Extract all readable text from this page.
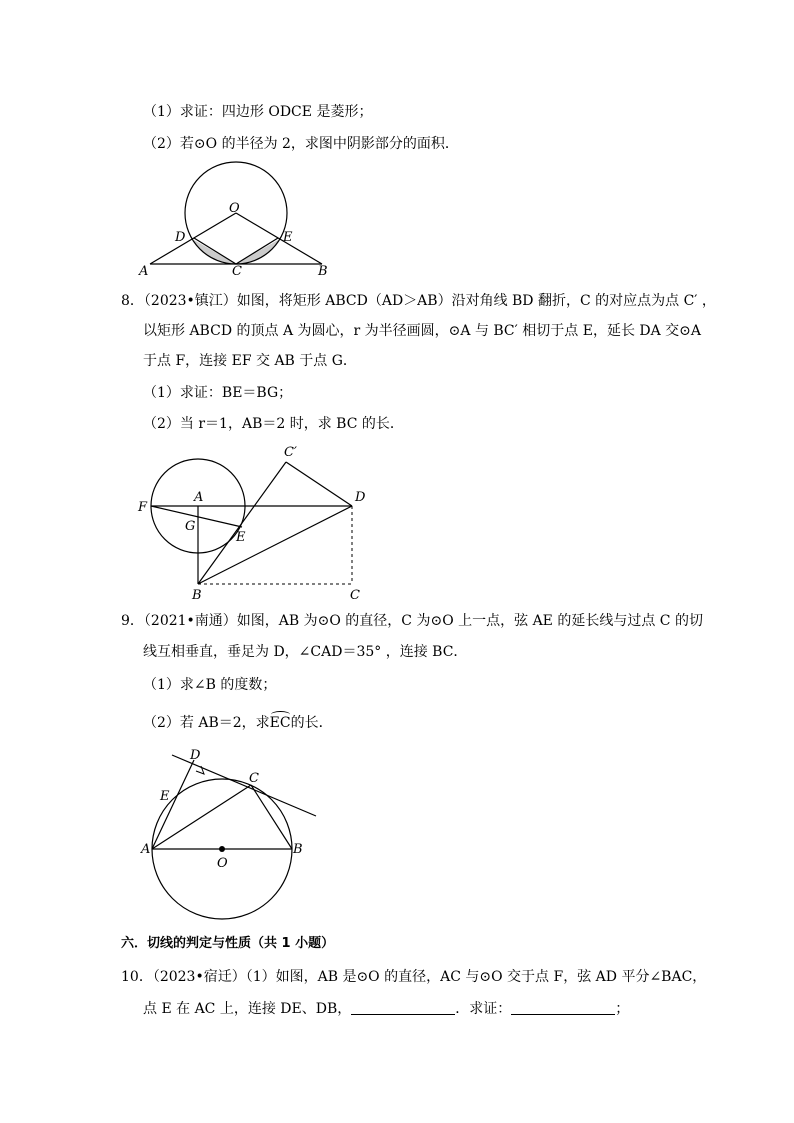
（1）求证：四边形 ODCE 是菱形；
（2）若⊙O 的半径为 2，求图中阴影部分的面积．
O
D	E
A	C	B
8．（2023•镇江）如图，将矩形 ABCD（AD＞AB）沿对角线 BD 翻折，C 的对应点为点 C′ ，
以矩形 ABCD 的顶点 A 为圆心，r 为半径画圆，⊙A 与 BC′ 相切于点 E，延长 DA 交⊙A
于点 F，连接 EF 交 AB 于点 G．
（1）求证：BE＝BG；
（2）当 r＝1，AB＝2 时，求 BC 的长．
C′
D
F
A
G
E
B	C
9．（2021•南通）如图，AB 为⊙O 的直径，C 为⊙O 上一点，弦 AE 的延长线与过点 C 的切
线互相垂直，垂足为 D，∠CAD＝35° ，连接 BC．
（1）求∠B 的度数；
（2）若 AB＝2，求EC的长．
D
C
E
A
O
B
六．切线的判定与性质（共 1 小题）
10．（2023•宿迁）（1）如图，AB 是⊙O 的直径，AC 与⊙O 交于点 F，弦 AD 平分∠BAC，
点 E 在 AC 上，连接 DE、DB，	．求证：	；
